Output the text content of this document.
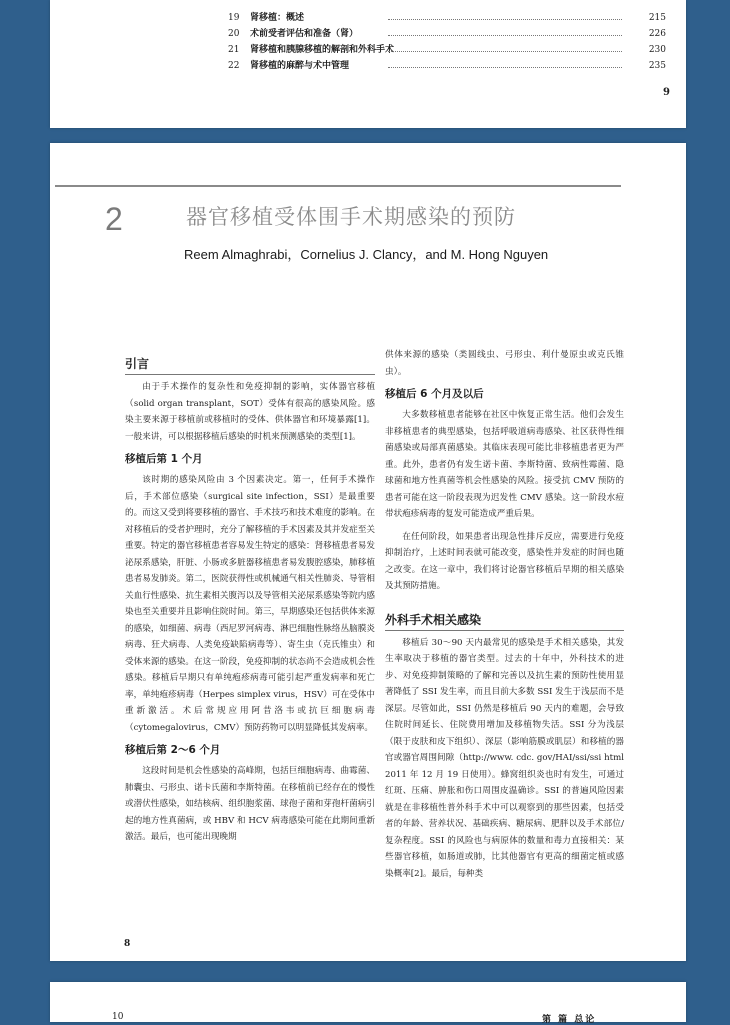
19	肾移植：概述	215
20	术前受者评估和准备（肾）	226
21	肾移植和胰腺移植的解剖和外科手术	230
22	肾移植的麻醉与术中管理	235
9
2	器官移植受体围手术期感染的预防
Reem Almaghrabi，Cornelius J. Clancy，and M. Hong Nguyen
引言

由于手术操作的复杂性和免疫抑制的影响，实体器官移植（solid organ transplant，SOT）受体有很高的感染风险。感染主要来源于移植前或移植时的受体、供体器官和环境暴露[1]。一般来讲，可以根据移植后感染的时机来预测感染的类型[1]。

移植后第 1 个月

该时期的感染风险由 3 个因素决定。第一，任何手术操作后，手术部位感染（surgical site infection，SSI）是最重要的。而这又受到将要移植的器官、手术技巧和技术难度的影响。在对移植后的受者护理时，充分了解移植的手术因素及其并发症至关重要。特定的器官移植患者容易发生特定的感染：肾移植患者易发泌尿系感染，肝脏、小肠或多脏器移植患者易发腹腔感染，肺移植患者易发肺炎。第二，医院获得性或机械通气相关性肺炎、导管相关血行性感染、抗生素相关腹泻以及导管相关泌尿系感染等院内感染也至关重要并且影响住院时间。第三，早期感染还包括供体来源的感染，如细菌、病毒（西尼罗河病毒、淋巴细胞性脉络丛脑膜炎病毒、狂犬病毒、人类免疫缺陷病毒等）、寄生虫（克氏锥虫）和受体来源的感染。在这一阶段，免疫抑制的状态尚不会造成机会性感染。移植后早期只有单纯疱疹病毒可能引起严重发病率和死亡率，单纯疱疹病毒（Herpes simplex virus，HSV）可在受体中重新激活。术后常规应用阿昔洛韦或抗巨细胞病毒（cytomegalovirus，CMV）预防药物可以明显降低其发病率。

移植后第 2～6 个月

这段时间是机会性感染的高峰期，包括巨细胞病毒、曲霉菌、肺囊虫、弓形虫、诺卡氏菌和李斯特菌。在移植前已经存在的慢性或潜伏性感染，如结核病、组织胞浆菌、球孢子菌和芽孢杆菌病引起的地方性真菌病，或 HBV 和 HCV 病毒感染可能在此期间重新激活。最后，也可能出现晚期

供体来源的感染（类圆线虫、弓形虫、利什曼原虫或克氏锥虫）。

移植后 6 个月及以后

大多数移植患者能够在社区中恢复正常生活。他们会发生非移植患者的典型感染，包括呼吸道病毒感染、社区获得性细菌感染或局部真菌感染。其临床表现可能比非移植患者更为严重。此外，患者仍有发生诺卡菌、李斯特菌、致病性霉菌、隐球菌和地方性真菌等机会性感染的风险。接受抗 CMV 预防的患者可能在这一阶段表现为迟发性 CMV 感染。这一阶段水痘带状疱疹病毒的复发可能造成严重后果。

在任何阶段，如果患者出现急性排斥反应，需要进行免疫抑制治疗，上述时间表就可能改变，感染性并发症的时间也随之改变。在这一章中，我们将讨论器官移植后早期的相关感染及其预防措施。

外科手术相关感染

移植后 30～90 天内最常见的感染是手术相关感染，其发生率取决于移植的器官类型。过去的十年中，外科技术的进步、对免疫抑制策略的了解和完善以及抗生素的预防性使用显著降低了 SSI 发生率，而且目前大多数 SSI 发生于浅层而不是深层。尽管如此，SSI 仍然是移植后 90 天内的难题，会导致住院时间延长、住院费用增加及移植物失活。SSI 分为浅层（限于皮肤和皮下组织）、深层（影响筋膜或肌层）和移植的器官或器官周围间隙（http://www. cdc. gov/HAI/ssi/ssi html 2011 年 12 月 19 日使用）。蜂窝组织炎也时有发生，可通过红斑、压痛、肿胀和伤口周围皮温确诊。SSI 的普遍风险因素就是在非移植性普外科手术中可以观察到的那些因素，包括受者的年龄、营养状况、基础疾病、糖尿病、肥胖以及手术部位/复杂程度。SSI 的风险也与病原体的数量和毒力直接相关：某些器官移植，如肠道或肺，比其他器官有更高的细菌定植或感染概率[2]。最后，每种类

8
10	第 篇 总论
